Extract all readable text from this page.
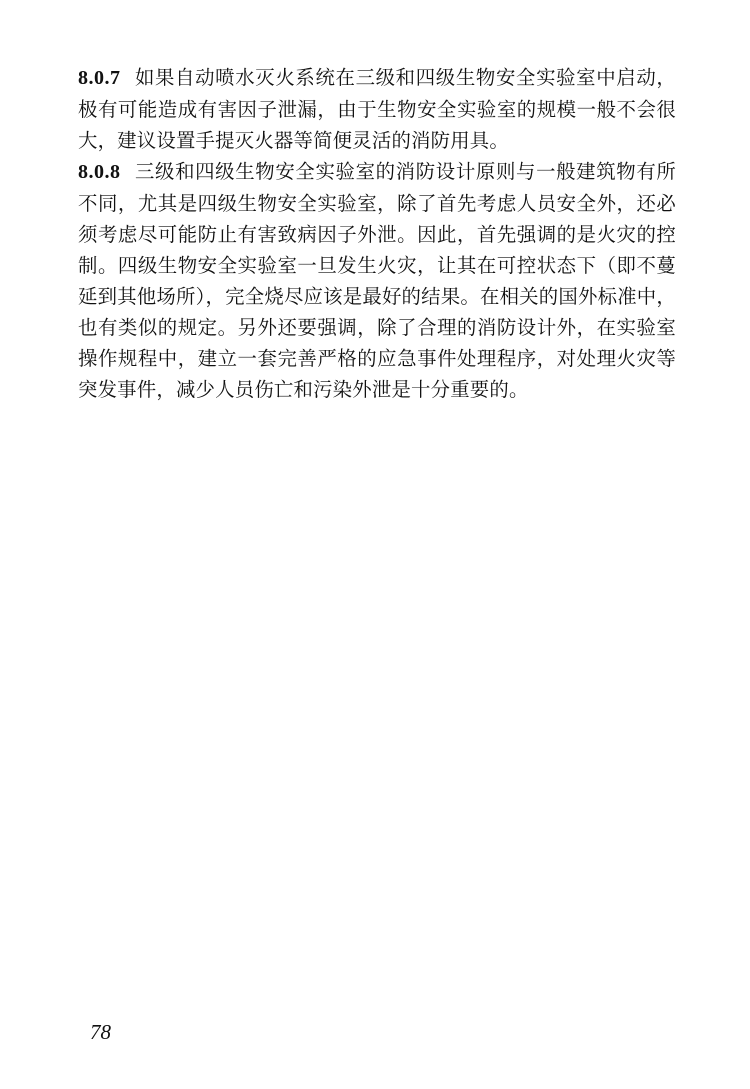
8.0.7 如果自动喷水灭火系统在三级和四级生物安全实验室中启动，极有可能造成有害因子泄漏，由于生物安全实验室的规模一般不会很大，建议设置手提灭火器等简便灵活的消防用具。

8.0.8 三级和四级生物安全实验室的消防设计原则与一般建筑物有所不同，尤其是四级生物安全实验室，除了首先考虑人员安全外，还必须考虑尽可能防止有害致病因子外泄。因此，首先强调的是火灾的控制。四级生物安全实验室一旦发生火灾，让其在可控状态下（即不蔓延到其他场所），完全烧尽应该是最好的结果。在相关的国外标准中，也有类似的规定。另外还要强调，除了合理的消防设计外，在实验室操作规程中，建立一套完善严格的应急事件处理程序，对处理火灾等突发事件，减少人员伤亡和污染外泄是十分重要的。

78
